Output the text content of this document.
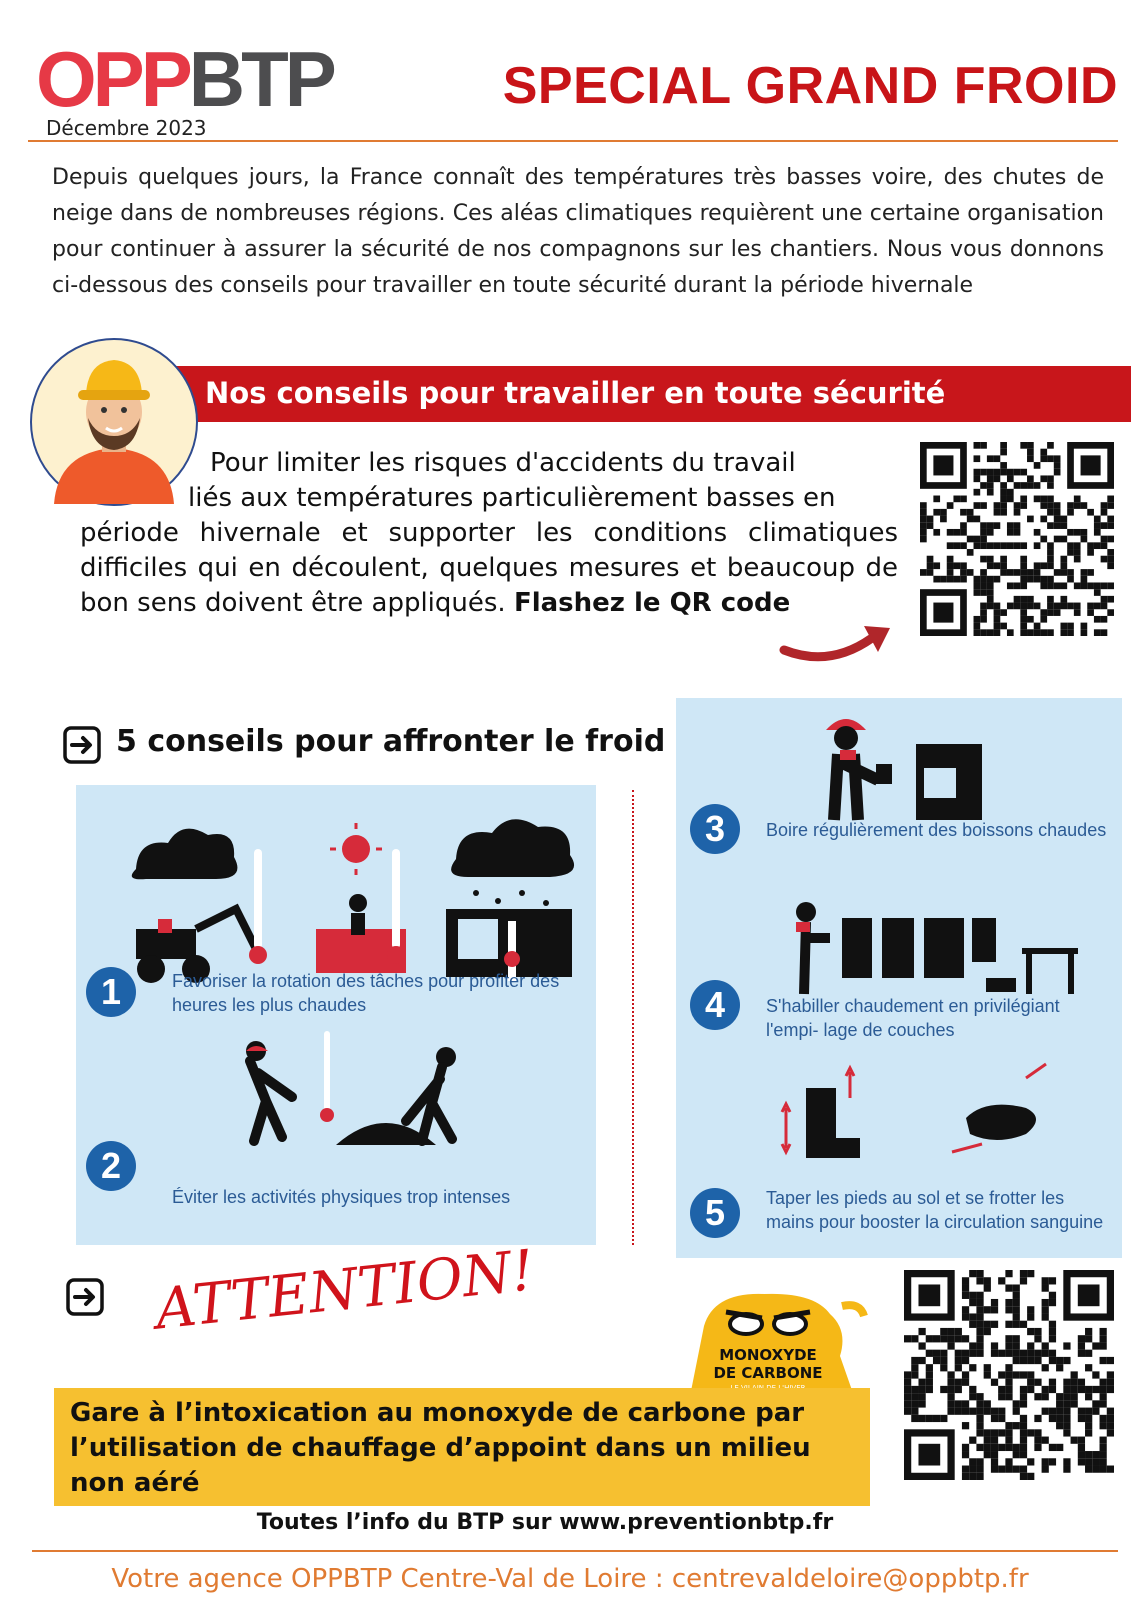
OPPBTP
Décembre 2023
SPECIAL GRAND FROID
Depuis quelques jours, la France connaît des températures très basses voire, des chutes de neige dans de nombreuses régions. Ces aléas climatiques requièrent une certaine organisation pour continuer à assurer la sécurité de nos compagnons sur les chantiers. Nous vous donnons ci-dessous des conseils pour travailler en toute sécurité durant la période hivernale
Nos conseils pour travailler en toute sécurité
Pour limiter les risques d'accidents du travail
liés aux températures particulièrement basses en
période hivernale et supporter les conditions climatiques difficiles qui en découlent, quelques mesures et beaucoup de bon sens doivent être appliqués. Flashez le QR code
5 conseils pour affronter le froid
1	Favoriser la rotation des tâches pour profiter des heures les plus chaudes
2
Éviter les activités physiques trop intenses
3	Boire régulièrement des boissons chaudes
4	S'habiller chaudement en privilégiant l'empi- lage de couches
5	Taper les pieds au sol et se frotter les mains pour booster la circulation sanguine
ATTENTION!
MONOXYDE
DE CARBONE
Gare à l’intoxication au monoxyde de carbone par l’utilisation de chauffage d’appoint dans un milieu non aéré
Toutes l’info du BTP sur www.preventionbtp.fr
Votre agence OPPBTP Centre-Val de Loire : centrevaldeloire@oppbtp.fr
